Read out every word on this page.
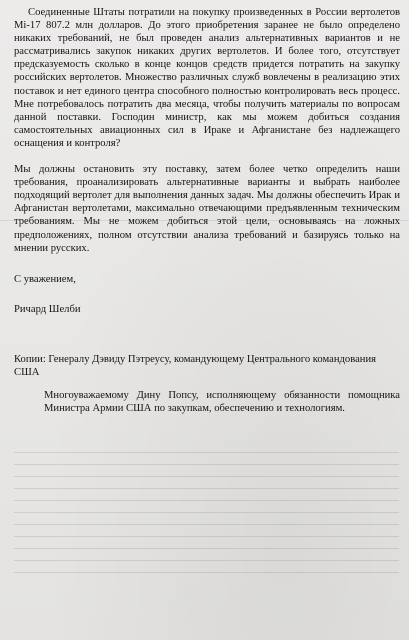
Соединенные Штаты потратили на покупку произведенных в России вертолетов Mi-17 807.2 млн долларов. До этого приобретения заранее не было определено никаких требований, не был проведен анализ альтернативных вариантов и не рассматривались закупок никаких других вертолетов. И более того, отсутствует предсказуемость сколько в конце концов средств придется потратить на закупку российских вертолетов. Множество различных служб вовлечены в реализацию этих поставок и нет единого центра способного полностью контролировать весь процесс. Мне потребовалось потратить два месяца, чтобы получить материалы по вопросам данной поставки. Господин министр, как мы можем добиться создания самостоятельных авиационных сил в Ираке и Афганистане без надлежащего оснащения и контроля?

Мы должны остановить эту поставку, затем более четко определить наши требования, проанализировать альтернативные варианты и выбрать наиболее подходящий вертолет для выполнения данных задач. Мы должны обеспечить Ирак и Афганистан вертолетами, максимально отвечающими предъявленным техническим требованиям. Мы не можем добиться этой цели, основываясь на ложных предположениях, полном отсутствии анализа требований и базируясь только на мнении русских.

С уважением,

Ричард Шелби

Копии: Генералу Дэвиду Пэтреусу, командующему Центрального командования США

Многоуважаемому Дину Попсу, исполняющему обязанности помощника Министра Армии США по закупкам, обеспечению и технологиям.
